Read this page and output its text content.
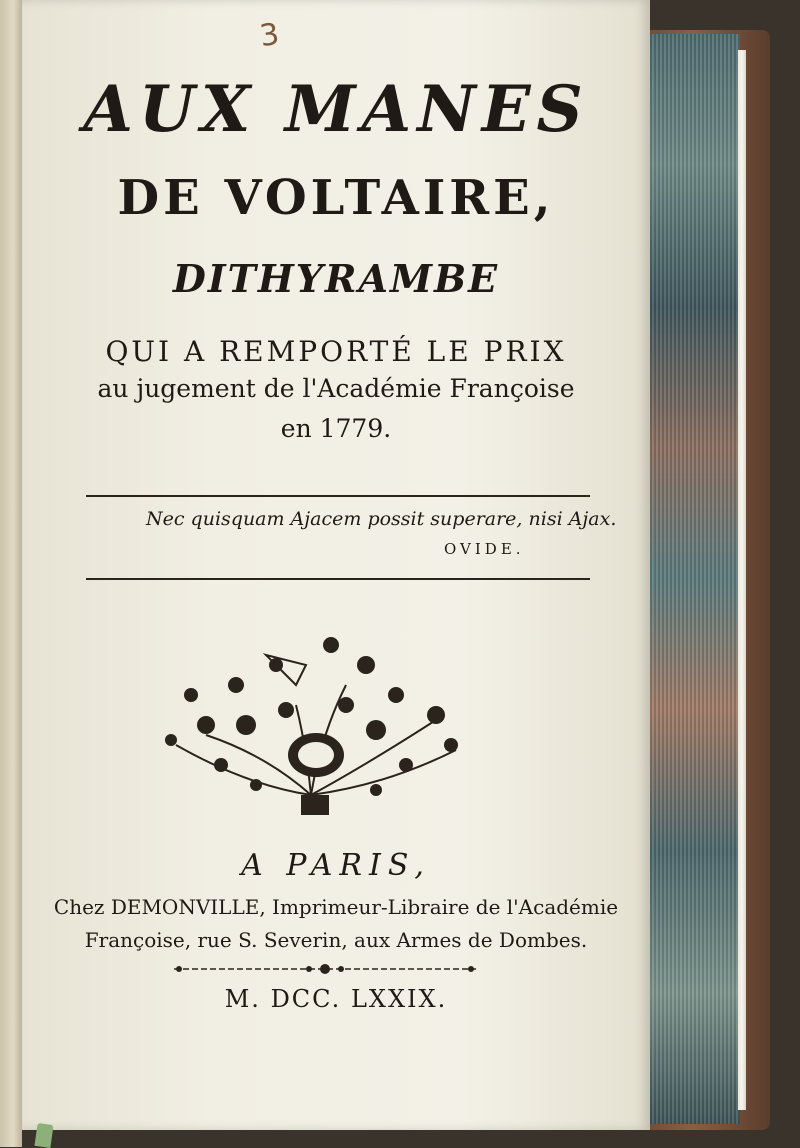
3
AUX MANES
DE VOLTAIRE,
DITHYRAMBE
QUI A REMPORTÉ LE PRIX
au jugement de l'Académie Françoise
en 1779.
Nec quisquam Ajacem possit superare, nisi Ajax.
OVIDE.
A PARIS,
Chez DEMONVILLE, Imprimeur-Libraire de l'Académie
Françoise, rue S. Severin, aux Armes de Dombes.
M. DCC. LXXIX.
